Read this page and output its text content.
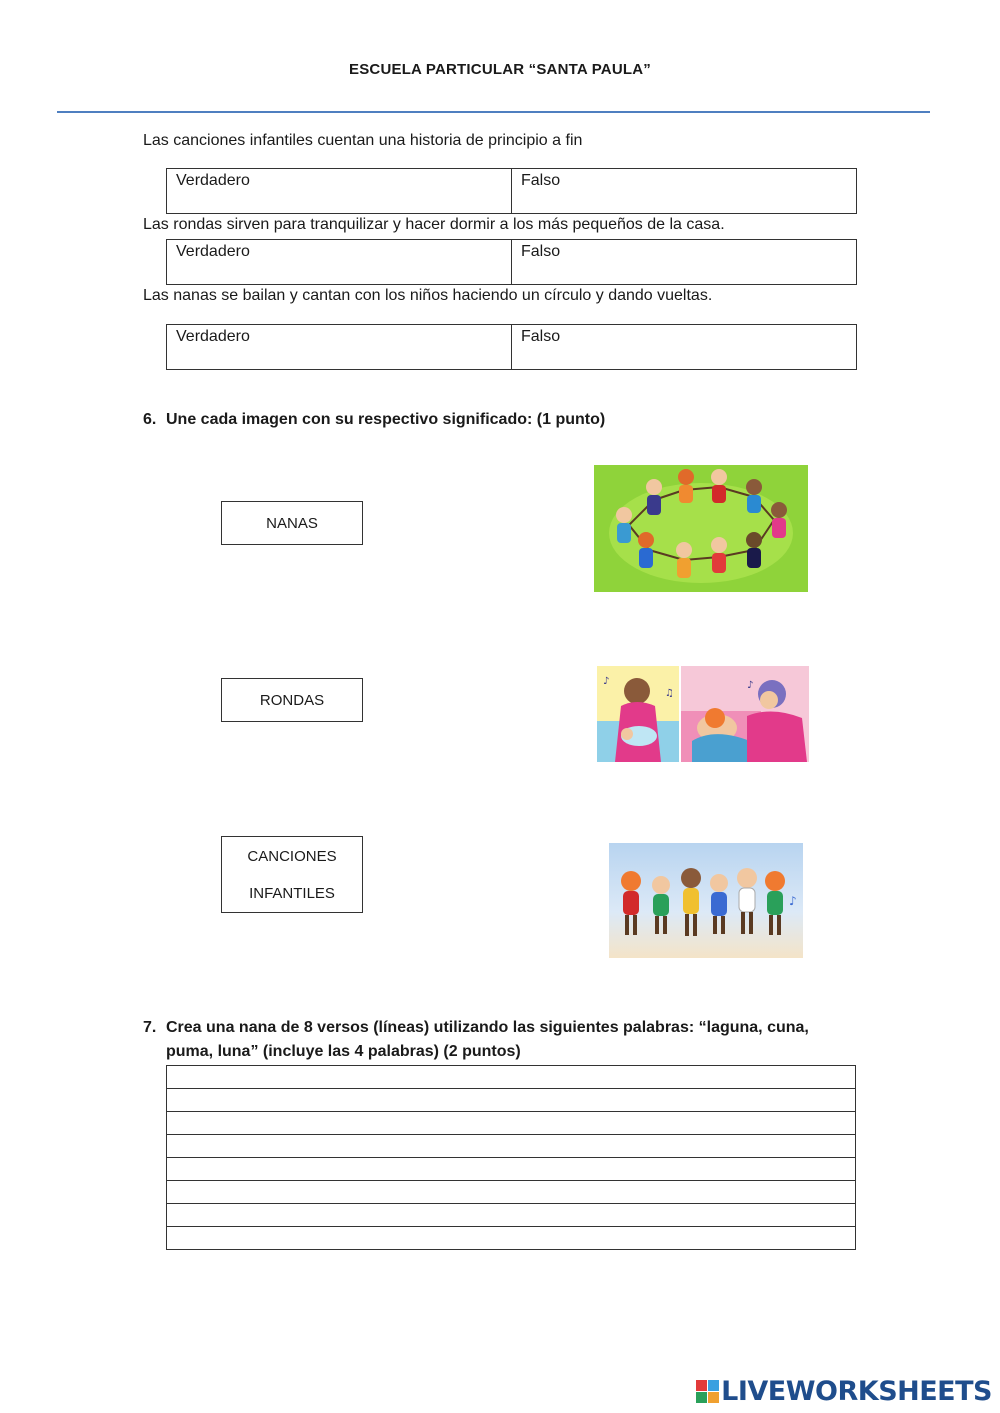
ESCUELA PARTICULAR “SANTA PAULA”
Las canciones infantiles cuentan una historia de principio a fin
Verdadero	Falso
Las rondas sirven para tranquilizar y hacer dormir a los más pequeños de la casa.
Verdadero	Falso
Las nanas se bailan y cantan con los niños haciendo un círculo y dando vueltas.
Verdadero	Falso
6. Une cada imagen con su respectivo significado: (1 punto)
NANAS
RONDAS
CANCIONES
INFANTILES
♪
♫
♪
♪
7. Crea una nana de 8 versos (líneas) utilizando las siguientes palabras: “laguna, cuna, puma, luna” (incluye las 4 palabras) (2 puntos)
LIVEWORKSHEETS
